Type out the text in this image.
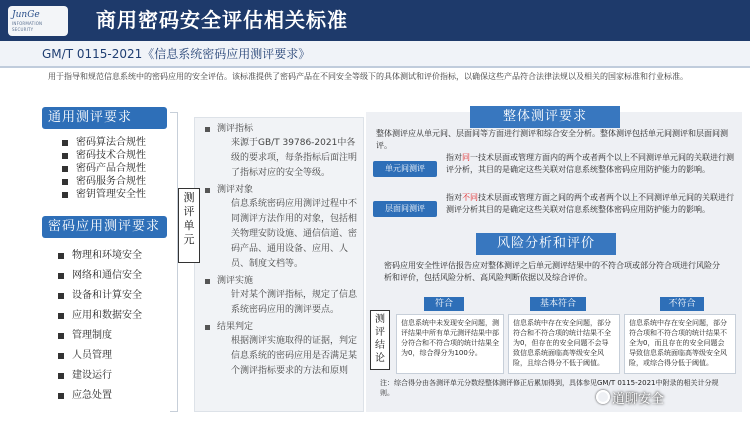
JunGe
INFORMATION SECURITY	商用密码安全评估相关标准
GM/T 0115-2021《信息系统密码应用测评要求》
用于指导和规范信息系统中的密码应用的安全评估。该标准提供了密码产品在不同安全等级下的具体测试和评价指标，以确保这些产品符合法律法规以及相关的国家标准和行业标准。
通用测评要求
密码算法合规性
密码技术合规性
密码产品合规性
密码服务合规性
密钥管理安全性
密码应用测评要求
物理和环境安全
网络和通信安全
设备和计算安全
应用和数据安全
管理制度
人员管理
建设运行
应急处置
测评指标
来源于GB/T 39786-2021中各级的要求项，每条指标后面注明了指标对应的安全等级。
测评对象
信息系统密码应用测评过程中不同测评方法作用的对象，包括相关物理安防设施、通信信道、密码产品、通用设备、应用、人员、制度文档等。
测评实施
针对某个测评指标，规定了信息系统密码应用的测评要点。
结果判定
根据测评实施取得的证据，判定信息系统的密码应用是否满足某个测评指标要求的方法和原则
测评单元
整体测评要求
整体测评应从单元间、层面间等方面进行测评和综合安全分析。整体测评包括单元间测评和层面间测评。
单元间测评
指对同一技术层面或管理方面内的两个或者两个以上不同测评单元间的关联进行测评分析，其目的是确定这些关联对信息系统整体密码应用防护能力的影响。
层面间测评
指对不同技术层面或管理方面之间的两个或者两个以上不同测评单元间的关联进行测评分析其目的是确定这些关联对信息系统整体密码应用防护能力的影响。
风险分析和评价
密码应用安全性评估报告应对整体测评之后单元测评结果中的不符合项或部分符合项进行风险分析和评价，包括风险分析、高风险判断依据以及综合评价。
测评结论
符合
信息系统中未发现安全问题，测评结果中所有单元测评结果中部分符合和不符合项的统计结果全为0，综合得分为100分。
基本符合
信息系统中存在安全问题，部分符合和不符合项的统计结果不全为0，但存在的安全问题不会导致信息系统面临高等级安全风险，且综合得分不低于阈值。
不符合
信息系统中存在安全问题，部分符合项和不符合项的统计结果不全为0，而且存在的安全问题会导致信息系统面临高等级安全风险，或综合得分低于阈值。
注：综合得分由各测评单元分数经整体测评修正后累加得到，具体参见GM/T 0115-2021中附录的相关计分规则。	道聊安全
